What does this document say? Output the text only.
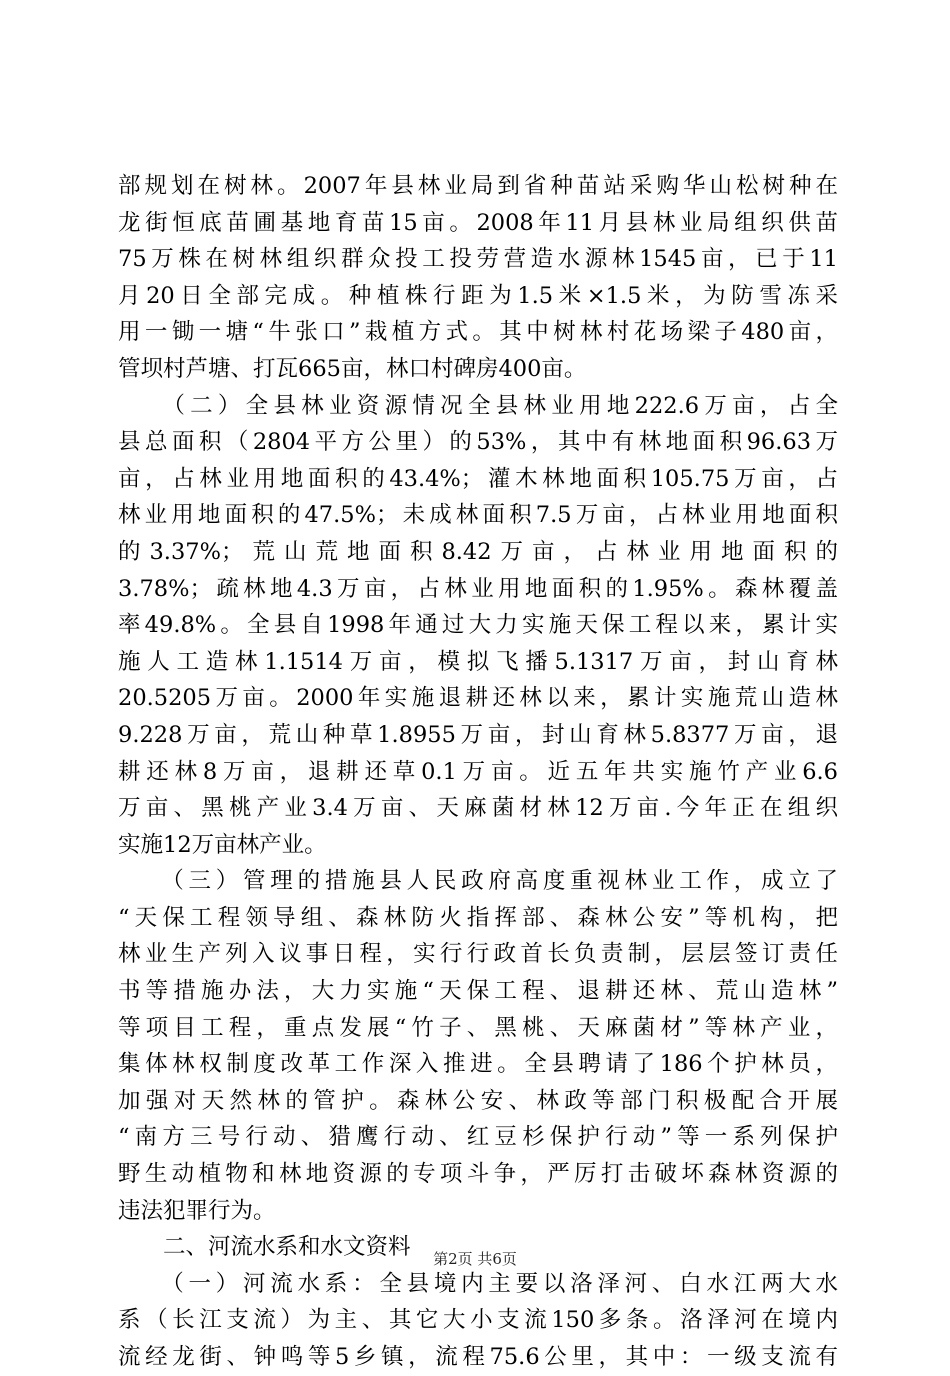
部规划在树林。2007年县林业局到省种苗站采购华山松树种在
龙街恒底苗圃基地育苗15亩。2008年11月县林业局组织供苗
75万株在树林组织群众投工投劳营造水源林1545亩，已于11
月20日全部完成。种植株行距为1.5米×1.5米，为防雪冻采
用一锄一塘“牛张口”栽植方式。其中树林村花场梁子480亩，
管坝村芦塘、打瓦665亩，林口村碑房400亩。
　　（二）全县林业资源情况全县林业用地222.6万亩，占全
县总面积（2804平方公里）的53%，其中有林地面积96.63万
亩，占林业用地面积的43.4%；灌木林地面积105.75万亩，占
林业用地面积的47.5%；未成林面积7.5万亩，占林业用地面积
的3.37%；荒山荒地面积8.42万亩，占林业用地面积的
3.78%；疏林地4.3万亩，占林业用地面积的1.95%。森林覆盖
率49.8%。全县自1998年通过大力实施天保工程以来，累计实
施人工造林1.1514万亩，模拟飞播5.1317万亩，封山育林
20.5205万亩。2000年实施退耕还林以来，累计实施荒山造林
9.228万亩，荒山种草1.8955万亩，封山育林5.8377万亩，退
耕还林8万亩，退耕还草0.1万亩。近五年共实施竹产业6.6
万亩、黑桃产业3.4万亩、天麻菌材林12万亩.今年正在组织
实施12万亩林产业。
　　（三）管理的措施县人民政府高度重视林业工作，成立了
“天保工程领导组、森林防火指挥部、森林公安”等机构，把
林业生产列入议事日程，实行行政首长负责制，层层签订责任
书等措施办法，大力实施“天保工程、退耕还林、荒山造林”
等项目工程，重点发展“竹子、黑桃、天麻菌材”等林产业，
集体林权制度改革工作深入推进。全县聘请了186个护林员，
加强对天然林的管护。森林公安、林政等部门积极配合开展
“南方三号行动、猎鹰行动、红豆杉保护行动”等一系列保护
野生动植物和林地资源的专项斗争，严厉打击破坏森林资源的
违法犯罪行为。
　　二、河流水系和水文资料
　　（一）河流水系：全县境内主要以洛泽河、白水江两大水
系（长江支流）为主、其它大小支流150多条。洛泽河在境内
流经龙街、钟鸣等5乡镇，流程75.6公里，其中：一级支流有
第2页 共6页
